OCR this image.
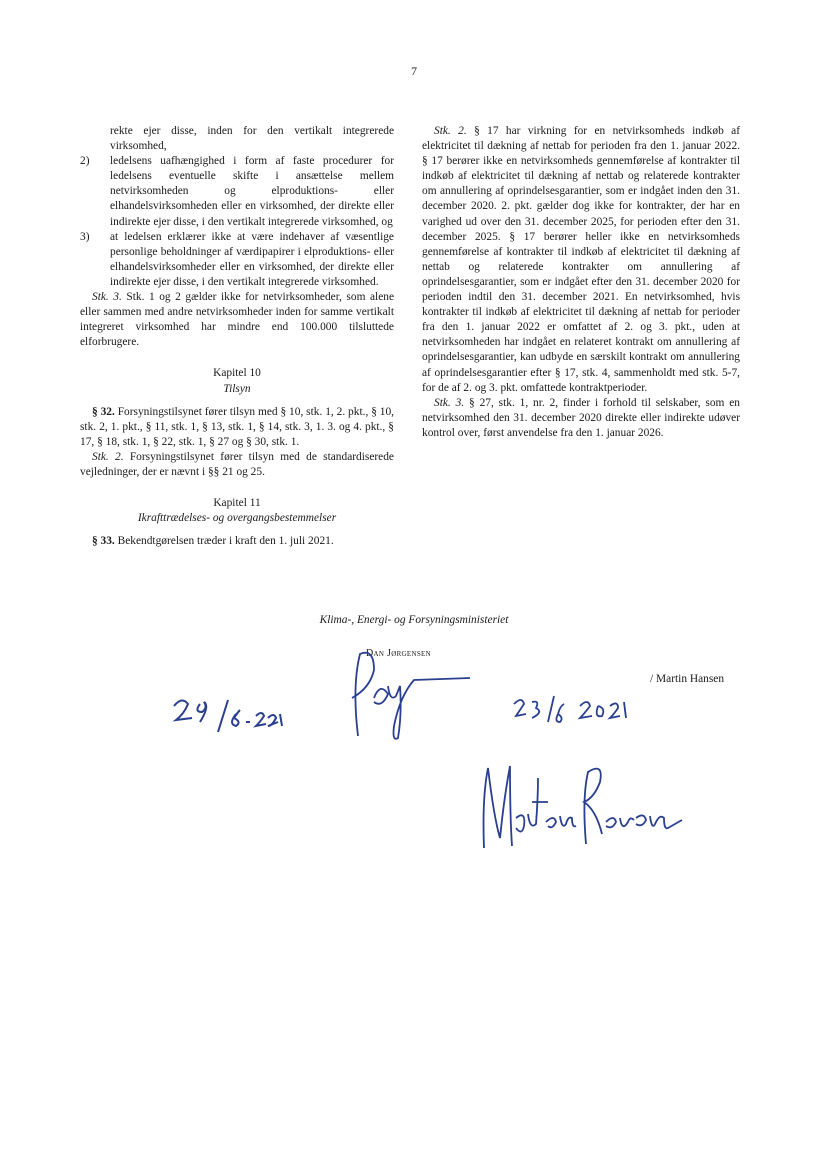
7

rekte ejer disse, inden for den vertikalt integrerede virksomhed,

2)	ledelsens uafhængighed i form af faste procedurer for ledelsens eventuelle skifte i ansættelse mellem netvirksomheden og elproduktions- eller elhandelsvirksomheden eller en virksomhed, der direkte eller indirekte ejer disse, i den vertikalt integrerede virksomhed, og
3)	at ledelsen erklærer ikke at være indehaver af væsentlige personlige beholdninger af værdipapirer i elproduktions- eller elhandelsvirksomheder eller en virksomhed, der direkte eller indirekte ejer disse, i den vertikalt integrerede virksomhed.

Stk. 3. Stk. 1 og 2 gælder ikke for netvirksomheder, som alene eller sammen med andre netvirksomheder inden for samme vertikalt integreret virksomhed har mindre end 100.000 tilsluttede elforbrugere.

Kapitel 10

Tilsyn

§ 32. Forsyningstilsynet fører tilsyn med § 10, stk. 1, 2. pkt., § 10, stk. 2, 1. pkt., § 11, stk. 1, § 13, stk. 1, § 14, stk. 3, 1. 3. og 4. pkt., § 17, § 18, stk. 1, § 22, stk. 1, § 27 og § 30, stk. 1.

Stk. 2. Forsyningstilsynet fører tilsyn med de standardiserede vejledninger, der er nævnt i §§ 21 og 25.

Kapitel 11

Ikrafttrædelses- og overgangsbestemmelser

§ 33. Bekendtgørelsen træder i kraft den 1. juli 2021.

Stk. 2. § 17 har virkning for en netvirksomheds indkøb af elektricitet til dækning af nettab for perioden fra den 1. januar 2022. § 17 berører ikke en netvirksomheds gennemførelse af kontrakter til indkøb af elektricitet til dækning af nettab og relaterede kontrakter om annullering af oprindelsesgarantier, som er indgået inden den 31. december 2020. 2. pkt. gælder dog ikke for kontrakter, der har en varighed ud over den 31. december 2025, for perioden efter den 31. december 2025. § 17 berører heller ikke en netvirksomheds gennemførelse af kontrakter til indkøb af elektricitet til dækning af nettab og relaterede kontrakter om annullering af oprindelsesgarantier, som er indgået efter den 31. december 2020 for perioden indtil den 31. december 2021. En netvirksomhed, hvis kontrakter til indkøb af elektricitet til dækning af nettab for perioder fra den 1. januar 2022 er omfattet af 2. og 3. pkt., uden at netvirksomheden har indgået en relateret kontrakt om annullering af oprindelsesgarantier, kan udbyde en særskilt kontrakt om annullering af oprindelsesgarantier efter § 17, stk. 4, sammenholdt med stk. 5-7, for de af 2. og 3. pkt. omfattede kontraktperioder.

Stk. 3. § 27, stk. 1, nr. 2, finder i forhold til selskaber, som en netvirksomhed den 31. december 2020 direkte eller indirekte udøver kontrol over, først anvendelse fra den 1. januar 2026.

Klima-, Energi- og Forsyningsministeriet
Dan Jørgensen
/ Martin Hansen
